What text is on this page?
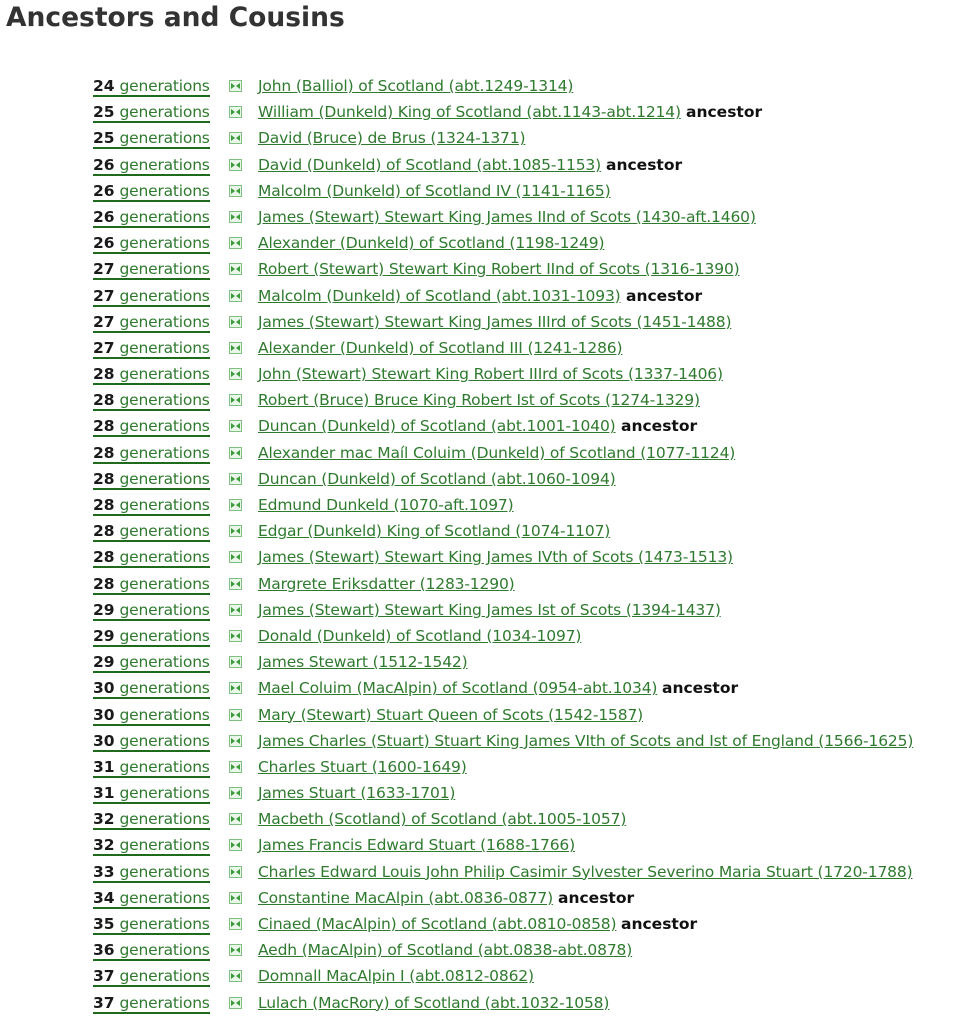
Ancestors and Cousins
24 generations	John (Balliol) of Scotland (abt.1249-1314)
25 generations	William (Dunkeld) King of Scotland (abt.1143-abt.1214) ancestor
25 generations	David (Bruce) de Brus (1324-1371)
26 generations	David (Dunkeld) of Scotland (abt.1085-1153) ancestor
26 generations	Malcolm (Dunkeld) of Scotland IV (1141-1165)
26 generations	James (Stewart) Stewart King James IInd of Scots (1430-aft.1460)
26 generations	Alexander (Dunkeld) of Scotland (1198-1249)
27 generations	Robert (Stewart) Stewart King Robert IInd of Scots (1316-1390)
27 generations	Malcolm (Dunkeld) of Scotland (abt.1031-1093) ancestor
27 generations	James (Stewart) Stewart King James IIIrd of Scots (1451-1488)
27 generations	Alexander (Dunkeld) of Scotland III (1241-1286)
28 generations	John (Stewart) Stewart King Robert IIIrd of Scots (1337-1406)
28 generations	Robert (Bruce) Bruce King Robert Ist of Scots (1274-1329)
28 generations	Duncan (Dunkeld) of Scotland (abt.1001-1040) ancestor
28 generations	Alexander mac Maíl Coluim (Dunkeld) of Scotland (1077-1124)
28 generations	Duncan (Dunkeld) of Scotland (abt.1060-1094)
28 generations	Edmund Dunkeld (1070-aft.1097)
28 generations	Edgar (Dunkeld) King of Scotland (1074-1107)
28 generations	James (Stewart) Stewart King James IVth of Scots (1473-1513)
28 generations	Margrete Eriksdatter (1283-1290)
29 generations	James (Stewart) Stewart King James Ist of Scots (1394-1437)
29 generations	Donald (Dunkeld) of Scotland (1034-1097)
29 generations	James Stewart (1512-1542)
30 generations	Mael Coluim (MacAlpin) of Scotland (0954-abt.1034) ancestor
30 generations	Mary (Stewart) Stuart Queen of Scots (1542-1587)
30 generations	James Charles (Stuart) Stuart King James VIth of Scots and Ist of England (1566-1625)
31 generations	Charles Stuart (1600-1649)
31 generations	James Stuart (1633-1701)
32 generations	Macbeth (Scotland) of Scotland (abt.1005-1057)
32 generations	James Francis Edward Stuart (1688-1766)
33 generations	Charles Edward Louis John Philip Casimir Sylvester Severino Maria Stuart (1720-1788)
34 generations	Constantine MacAlpin (abt.0836-0877) ancestor
35 generations	Cinaed (MacAlpin) of Scotland (abt.0810-0858) ancestor
36 generations	Aedh (MacAlpin) of Scotland (abt.0838-abt.0878)
37 generations	Domnall MacAlpin I (abt.0812-0862)
37 generations	Lulach (MacRory) of Scotland (abt.1032-1058)
